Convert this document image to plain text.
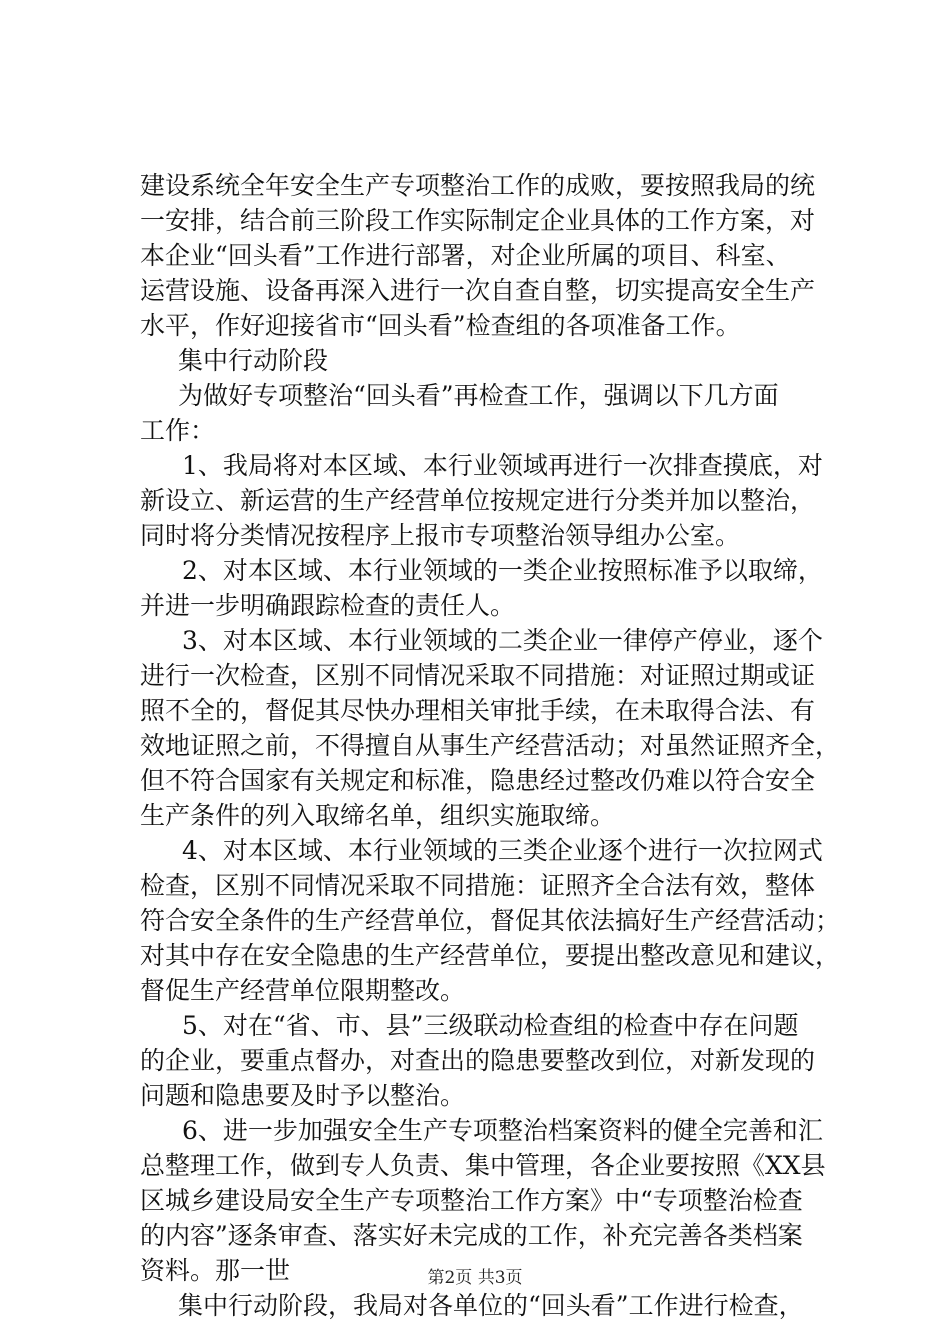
建设系统全年安全生产专项整治工作的成败，要按照我局的统
一安排，结合前三阶段工作实际制定企业具体的工作方案，对
本企业“回头看”工作进行部署，对企业所属的项目、科室、
运营设施、设备再深入进行一次自查自整，切实提高安全生产
水平，作好迎接省市“回头看”检查组的各项准备工作。
集中行动阶段
为做好专项整治“回头看”再检查工作，强调以下几方面
工作：
1、我局将对本区域、本行业领域再进行一次排查摸底，对
新设立、新运营的生产经营单位按规定进行分类并加以整治，
同时将分类情况按程序上报市专项整治领导组办公室。
2、对本区域、本行业领域的一类企业按照标准予以取缔，
并进一步明确跟踪检查的责任人。
3、对本区域、本行业领域的二类企业一律停产停业，逐个
进行一次检查，区别不同情况采取不同措施：对证照过期或证
照不全的，督促其尽快办理相关审批手续，在未取得合法、有
效地证照之前，不得擅自从事生产经营活动；对虽然证照齐全，
但不符合国家有关规定和标准，隐患经过整改仍难以符合安全
生产条件的列入取缔名单，组织实施取缔。
4、对本区域、本行业领域的三类企业逐个进行一次拉网式
检查，区别不同情况采取不同措施：证照齐全合法有效，整体
符合安全条件的生产经营单位，督促其依法搞好生产经营活动；
对其中存在安全隐患的生产经营单位，要提出整改意见和建议，
督促生产经营单位限期整改。
5、对在“省、市、县”三级联动检查组的检查中存在问题
的企业，要重点督办，对查出的隐患要整改到位，对新发现的
问题和隐患要及时予以整治。
6、进一步加强安全生产专项整治档案资料的健全完善和汇
总整理工作，做到专人负责、集中管理，各企业要按照《XX县
区城乡建设局安全生产专项整治工作方案》中“专项整治检查
的内容”逐条审查、落实好未完成的工作，补充完善各类档案
资料。那一世
集中行动阶段，我局对各单位的“回头看”工作进行检查，
第2页 共3页
